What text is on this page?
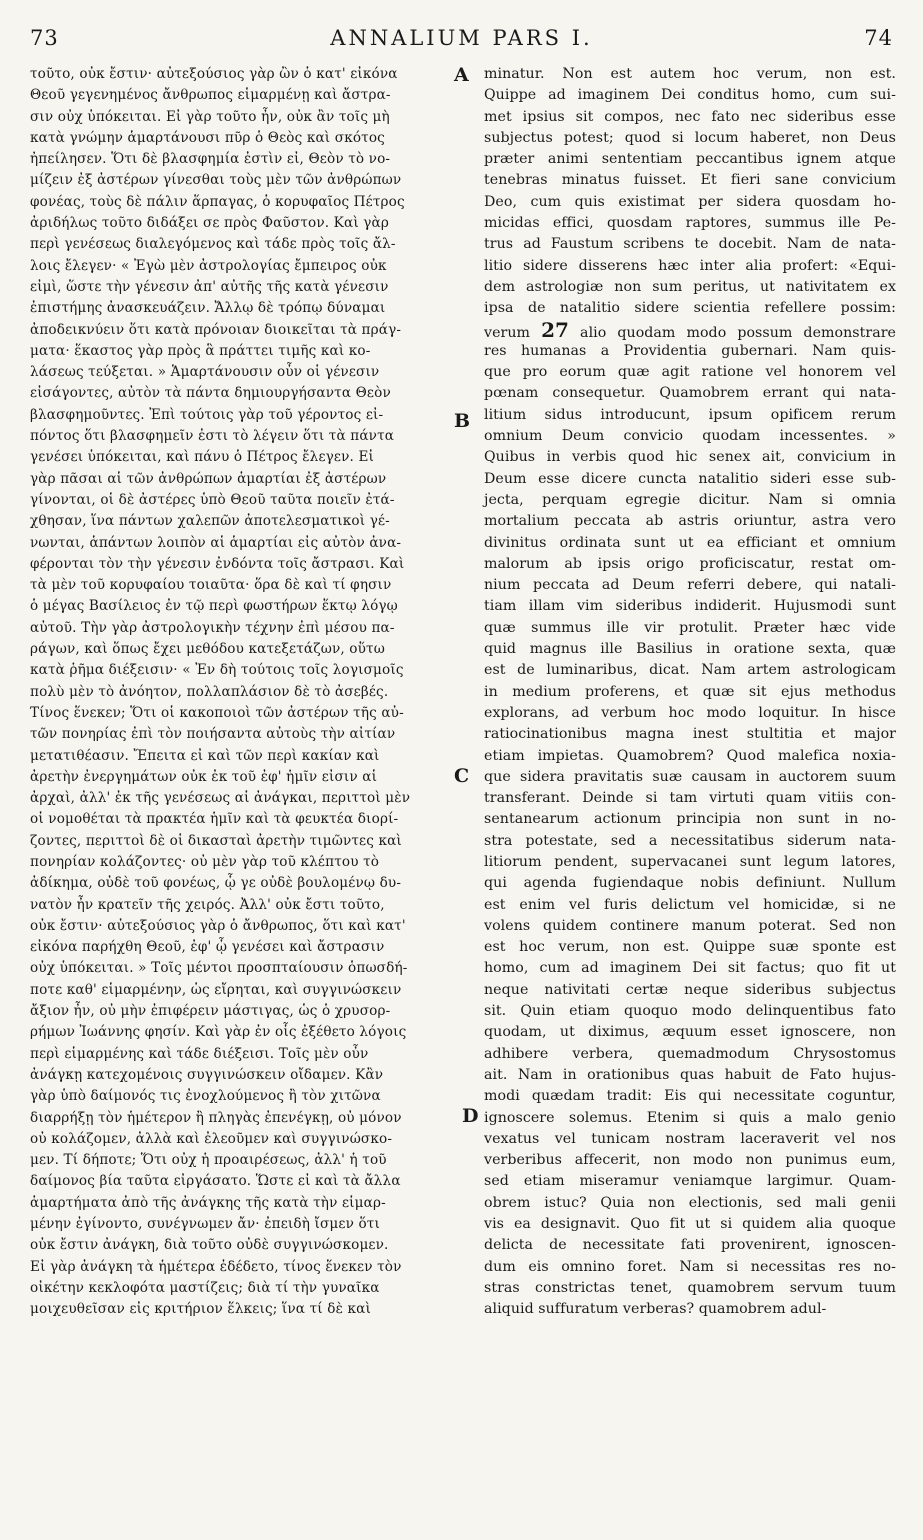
73	ANNALIUM PARS I.	74
τοῦτο, οὐκ ἔστιν· αὐτεξούσιος γὰρ ὢν ὁ κατ' εἰκόνα
Θεοῦ γεγενημένος ἄνθρωπος εἱμαρμένῃ καὶ ἄστρα-
σιν οὐχ ὑπόκειται. Εἰ γὰρ τοῦτο ἦν, οὐκ ἂν τοῖς μὴ
κατὰ γνώμην ἁμαρτάνουσι πῦρ ὁ Θεὸς καὶ σκότος
ἠπείλησεν. Ὅτι δὲ βλασφημία ἐστὶν εἰ, Θεὸν τὸ νο-
μίζειν ἐξ ἀστέρων γίνεσθαι τοὺς μὲν τῶν ἀνθρώπων
φονέας, τοὺς δὲ πάλιν ἅρπαγας, ὁ κορυφαῖος Πέτρος
ἀριδήλως τοῦτο διδάξει σε πρὸς Φαῦστον. Καὶ γὰρ
περὶ γενέσεως διαλεγόμενος καὶ τάδε πρὸς τοῖς ἄλ-
λοις ἔλεγεν· « Ἐγὼ μὲν ἀστρολογίας ἔμπειρος οὐκ
εἰμὶ, ὥστε τὴν γένεσιν ἀπ' αὐτῆς τῆς κατὰ γένεσιν
ἐπιστήμης ἀνασκευάζειν. Ἄλλῳ δὲ τρόπῳ δύναμαι
ἀποδεικνύειν ὅτι κατὰ πρόνοιαν διοικεῖται τὰ πράγ-
ματα· ἕκαστος γὰρ πρὸς ἃ πράττει τιμῆς καὶ κο-
λάσεως τεύξεται. » Ἁμαρτάνουσιν οὖν οἱ γένεσιν
εἰσάγοντες, αὐτὸν τὰ πάντα δημιουργήσαντα Θεὸν
βλασφημοῦντες. Ἐπὶ τούτοις γὰρ τοῦ γέροντος εἰ-
πόντος ὅτι βλασφημεῖν ἐστι τὸ λέγειν ὅτι τὰ πάντα
γενέσει ὑπόκειται, καὶ πάνυ ὁ Πέτρος ἔλεγεν. Εἰ
γὰρ πᾶσαι αἱ τῶν ἀνθρώπων ἁμαρτίαι ἐξ ἀστέρων
γίνονται, οἱ δὲ ἀστέρες ὑπὸ Θεοῦ ταῦτα ποιεῖν ἐτά-
χθησαν, ἵνα πάντων χαλεπῶν ἀποτελεσματικοὶ γέ-
νωνται, ἁπάντων λοιπὸν αἱ ἁμαρτίαι εἰς αὐτὸν ἀνα-
φέρονται τὸν τὴν γένεσιν ἐνδόντα τοῖς ἄστρασι. Καὶ
τὰ μὲν τοῦ κορυφαίου τοιαῦτα· ὅρα δὲ καὶ τί φησιν
ὁ μέγας Βασίλειος ἐν τῷ περὶ φωστήρων ἕκτῳ λόγῳ
αὐτοῦ. Τὴν γὰρ ἀστρολογικὴν τέχνην ἐπὶ μέσου πα-
ράγων, καὶ ὅπως ἔχει μεθόδου κατεξετάζων, οὕτω
κατὰ ῥῆμα διέξεισιν· « Ἐν δὴ τούτοις τοῖς λογισμοῖς
πολὺ μὲν τὸ ἀνόητον, πολλαπλάσιον δὲ τὸ ἀσεβές.
Τίνος ἕνεκεν; Ὅτι οἱ κακοποιοὶ τῶν ἀστέρων τῆς αὐ-
τῶν πονηρίας ἐπὶ τὸν ποιήσαντα αὐτοὺς τὴν αἰτίαν
μετατιθέασιν. Ἔπειτα εἰ καὶ τῶν περὶ κακίαν καὶ
ἀρετὴν ἐνεργημάτων οὐκ ἐκ τοῦ ἐφ' ἡμῖν εἰσιν αἱ
ἀρχαὶ, ἀλλ' ἐκ τῆς γενέσεως αἱ ἀνάγκαι, περιττοὶ μὲν
οἱ νομοθέται τὰ πρακτέα ἡμῖν καὶ τὰ φευκτέα διορί-
ζοντες, περιττοὶ δὲ οἱ δικασταὶ ἀρετὴν τιμῶντες καὶ
πονηρίαν κολάζοντες· οὐ μὲν γὰρ τοῦ κλέπτου τὸ
ἀδίκημα, οὐδὲ τοῦ φονέως, ᾧ γε οὐδὲ βουλομένῳ δυ-
νατὸν ἦν κρατεῖν τῆς χειρός. Ἀλλ' οὐκ ἔστι τοῦτο,
οὐκ ἔστιν· αὐτεξούσιος γὰρ ὁ ἄνθρωπος, ὅτι καὶ κατ'
εἰκόνα παρήχθη Θεοῦ, ἐφ' ᾧ γενέσει καὶ ἄστρασιν
οὐχ ὑπόκειται. » Τοῖς μέντοι προσπταίουσιν ὁπωσδή-
ποτε καθ' εἱμαρμένην, ὡς εἴρηται, καὶ συγγινώσκειν
ἄξιον ἦν, οὐ μὴν ἐπιφέρειν μάστιγας, ὡς ὁ χρυσορ-
ρήμων Ἰωάννης φησίν. Καὶ γὰρ ἐν οἷς ἐξέθετο λόγοις
περὶ εἱμαρμένης καὶ τάδε διέξεισι. Τοῖς μὲν οὖν
ἀνάγκῃ κατεχομένοις συγγινώσκειν οἴδαμεν. Κἂν
γὰρ ὑπὸ δαίμονός τις ἐνοχλούμενος ἢ τὸν χιτῶνα
διαρρήξῃ τὸν ἡμέτερον ἢ πληγὰς ἐπενέγκῃ, οὐ μόνον
οὐ κολάζομεν, ἀλλὰ καὶ ἐλεοῦμεν καὶ συγγινώσκο-
μεν. Τί δήποτε; Ὅτι οὐχ ἡ προαιρέσεως, ἀλλ' ἡ τοῦ
δαίμονος βία ταῦτα εἰργάσατο. Ὥστε εἰ καὶ τὰ ἄλλα
ἁμαρτήματα ἀπὸ τῆς ἀνάγκης τῆς κατὰ τὴν εἱμαρ-
μένην ἐγίνοντο, συνέγνωμεν ἄν· ἐπειδὴ ἴσμεν ὅτι
οὐκ ἔστιν ἀνάγκη, διὰ τοῦτο οὐδὲ συγγινώσκομεν.
Εἰ γὰρ ἀνάγκη τὰ ἡμέτερα ἐδέδετο, τίνος ἕνεκεν τὸν
οἰκέτην κεκλοφότα μαστίζεις; διὰ τί τὴν γυναῖκα
μοιχευθεῖσαν εἰς κριτήριον ἕλκεις; ἵνα τί δὲ καὶ
minatur. Non est autem hoc verum, non est.
Quippe ad imaginem Dei conditus homo, cum sui-
met ipsius sit compos, nec fato nec sideribus esse
subjectus potest; quod si locum haberet, non Deus
præter animi sententiam peccantibus ignem atque
tenebras minatus fuisset. Et fieri sane convicium
Deo, cum quis existimat per sidera quosdam ho-
micidas effici, quosdam raptores, summus ille Pe-
trus ad Faustum scribens te docebit. Nam de nata-
litio sidere disserens hæc inter alia profert: «Equi-
dem astrologiæ non sum peritus, ut nativitatem ex
ipsa de natalitio sidere scientia refellere possim:
verum 27 alio quodam modo possum demonstrare
res humanas a Providentia gubernari. Nam quis-
que pro eorum quæ agit ratione vel honorem vel
pœnam consequetur. Quamobrem errant qui nata-
litium sidus introducunt, ipsum opificem rerum
omnium Deum convicio quodam incessentes. »
Quibus in verbis quod hic senex ait, convicium in
Deum esse dicere cuncta natalitio sideri esse sub-
jecta, perquam egregie dicitur. Nam si omnia
mortalium peccata ab astris oriuntur, astra vero
divinitus ordinata sunt ut ea efficiant et omnium
malorum ab ipsis origo proficiscatur, restat om-
nium peccata ad Deum referri debere, qui natali-
tiam illam vim sideribus indiderit. Hujusmodi sunt
quæ summus ille vir protulit. Præter hæc vide
quid magnus ille Basilius in oratione sexta, quæ
est de luminaribus, dicat. Nam artem astrologicam
in medium proferens, et quæ sit ejus methodus
explorans, ad verbum hoc modo loquitur. In hisce
ratiocinationibus magna inest stultitia et major
etiam impietas. Quamobrem? Quod malefica noxia-
que sidera pravitatis suæ causam in auctorem suum
transferant. Deinde si tam virtuti quam vitiis con-
sentanearum actionum principia non sunt in no-
stra potestate, sed a necessitatibus siderum nata-
litiorum pendent, supervacanei sunt legum latores,
qui agenda fugiendaque nobis definiunt. Nullum
est enim vel furis delictum vel homicidæ, si ne
volens quidem continere manum poterat. Sed non
est hoc verum, non est. Quippe suæ sponte est
homo, cum ad imaginem Dei sit factus; quo fit ut
neque nativitati certæ neque sideribus subjectus
sit. Quin etiam quoquo modo delinquentibus fato
quodam, ut diximus, æquum esset ignoscere, non
adhibere verbera, quemadmodum Chrysostomus
ait. Nam in orationibus quas habuit de Fato hujus-
modi quædam tradit: Eis qui necessitate coguntur,
ignoscere solemus. Etenim si quis a malo genio
vexatus vel tunicam nostram laceraverit vel nos
verberibus affecerit, non modo non punimus eum,
sed etiam miseramur veniamque largimur. Quam-
obrem istuc? Quia non electionis, sed mali genii
vis ea designavit. Quo fit ut si quidem alia quoque
delicta de necessitate fati provenirent, ignoscen-
dum eis omnino foret. Nam si necessitas res no-
stras constrictas tenet, quamobrem servum tuum
aliquid suffuratum verberas? quamobrem adul-
A
B
C
D
